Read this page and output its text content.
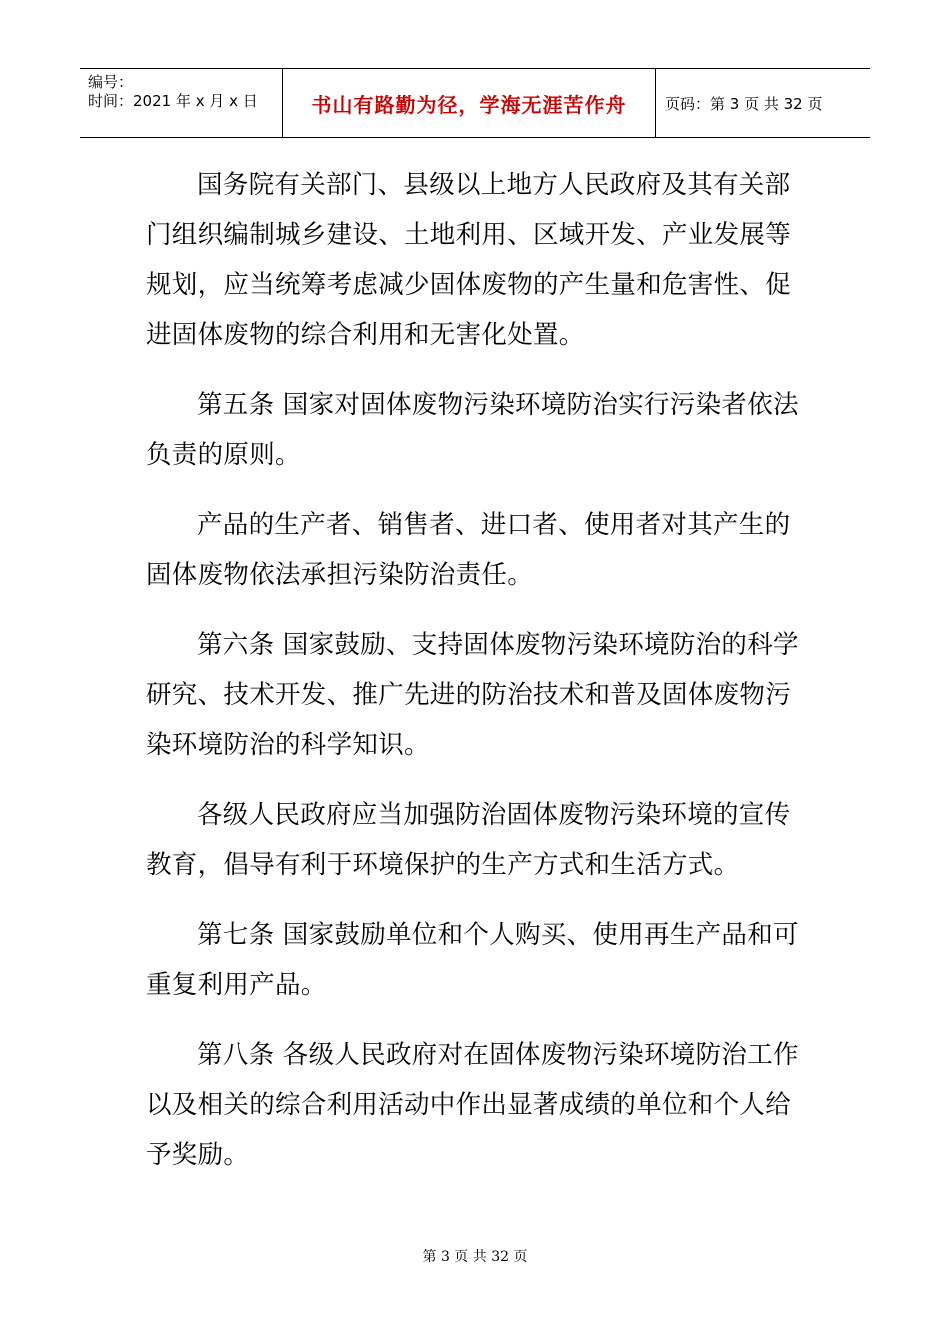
编号：
时间：2021 年 x 月 x 日	书山有路勤为径，学海无涯苦作舟	页码：第 3 页 共 32 页

国务院有关部门、县级以上地方人民政府及其有关部门组织编制城乡建设、土地利用、区域开发、产业发展等规划，应当统筹考虑减少固体废物的产生量和危害性、促进固体废物的综合利用和无害化处置。

第五条 国家对固体废物污染环境防治实行污染者依法负责的原则。

产品的生产者、销售者、进口者、使用者对其产生的固体废物依法承担污染防治责任。

第六条 国家鼓励、支持固体废物污染环境防治的科学研究、技术开发、推广先进的防治技术和普及固体废物污染环境防治的科学知识。

各级人民政府应当加强防治固体废物污染环境的宣传教育，倡导有利于环境保护的生产方式和生活方式。

第七条 国家鼓励单位和个人购买、使用再生产品和可重复利用产品。

第八条 各级人民政府对在固体废物污染环境防治工作以及相关的综合利用活动中作出显著成绩的单位和个人给予奖励。

第 3 页 共 32 页
